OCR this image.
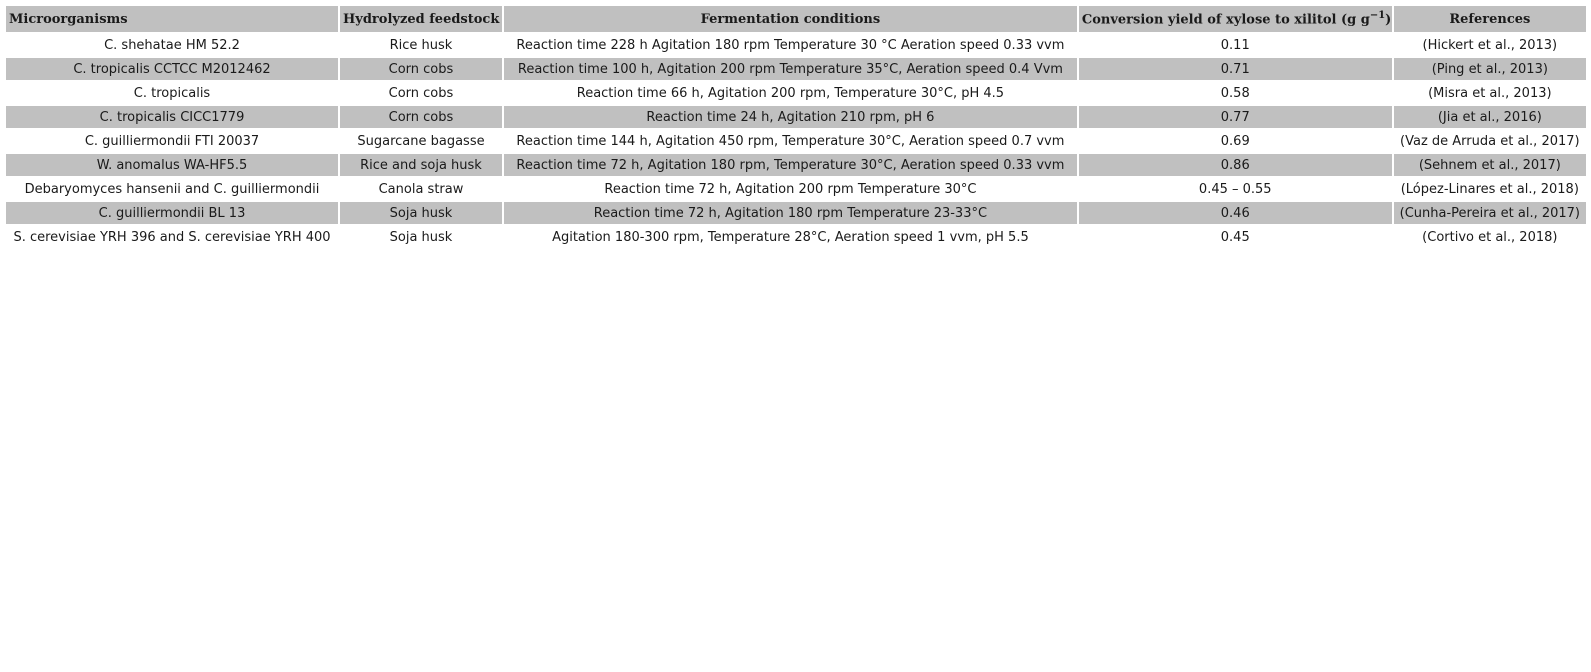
Microorganisms	Hydrolyzed feedstock	Fermentation conditions	Conversion yield of xylose to xilitol (g $g^{-1}$)	References
C. shehatae HM 52.2	Rice husk	Reaction time 228 h Agitation 180 rpm Temperature 30 °C Aeration speed 0.33 vvm	0.11	(Hickert et al., 2013)
C. tropicalis CCTCC M2012462	Corn cobs	Reaction time 100 h, Agitation 200 rpm Temperature 35°C, Aeration speed 0.4 Vvm	0.71	(Ping et al., 2013)
C. tropicalis	Corn cobs	Reaction time 66 h, Agitation 200 rpm, Temperature 30°C, pH 4.5	0.58	(Misra et al., 2013)
C. tropicalis CICC1779	Corn cobs	Reaction time 24 h, Agitation 210 rpm, pH 6	0.77	(Jia et al., 2016)
C. guilliermondii FTI 20037	Sugarcane bagasse	Reaction time 144 h, Agitation 450 rpm, Temperature 30°C, Aeration speed 0.7 vvm	0.69	(Vaz de Arruda et al., 2017)
W. anomalus WA-HF5.5	Rice and soja husk	Reaction time 72 h, Agitation 180 rpm, Temperature 30°C, Aeration speed 0.33 vvm	0.86	(Sehnem et al., 2017)
Debaryomyces hansenii and C. guilliermondii	Canola straw	Reaction time 72 h, Agitation 200 rpm Temperature 30°C	0.45 – 0.55	(López-Linares et al., 2018)
C. guilliermondii BL 13	Soja husk	Reaction time 72 h, Agitation 180 rpm Temperature 23-33°C	0.46	(Cunha-Pereira et al., 2017)
S. cerevisiae YRH 396 and S. cerevisiae YRH 400	Soja husk	Agitation 180-300 rpm, Temperature 28°C, Aeration speed 1 vvm, pH 5.5	0.45	(Cortivo et al., 2018)
